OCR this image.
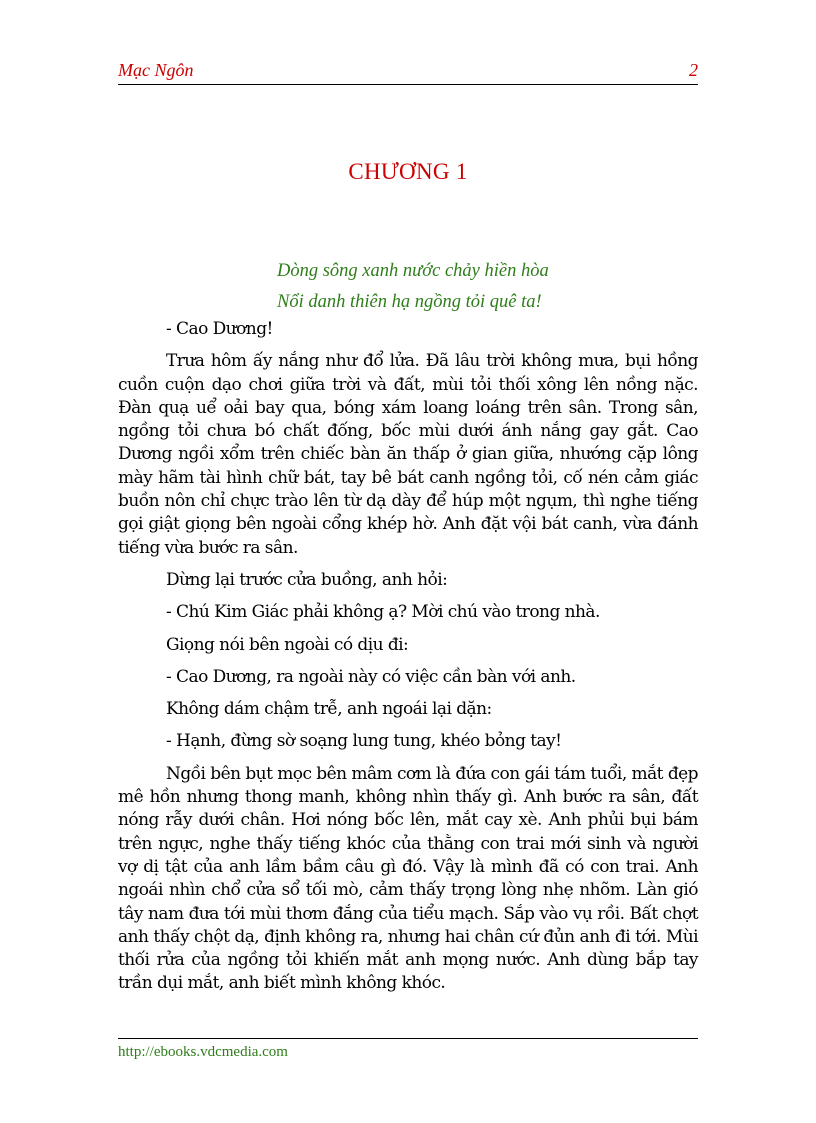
Mạc Ngôn	2
CHƯƠNG 1
Dòng sông xanh nước chảy hiền hòa
Nổi danh thiên hạ ngồng tỏi quê ta!

- Cao Dương!

Trưa hôm ấy nắng như đổ lửa. Đã lâu trời không mưa, bụi hồng cuồn cuộn dạo chơi giữa trời và đất, mùi tỏi thối xông lên nồng nặc. Đàn quạ uể oải bay qua, bóng xám loang loáng trên sân. Trong sân, ngồng tỏi chưa bó chất đống, bốc mùi dưới ánh nắng gay gắt. Cao Dương ngồi xổm trên chiếc bàn ăn thấp ở gian giữa, nhướng cặp lông mày hãm tài hình chữ bát, tay bê bát canh ngồng tỏi, cố nén cảm giác buồn nôn chỉ chực trào lên từ dạ dày để húp một ngụm, thì nghe tiếng gọi giật giọng bên ngoài cổng khép hờ. Anh đặt vội bát canh, vừa đánh tiếng vừa bước ra sân.

Dừng lại trước cửa buồng, anh hỏi:

- Chú Kim Giác phải không ạ? Mời chú vào trong nhà.

Giọng nói bên ngoài có dịu đi:

- Cao Dương, ra ngoài này có việc cần bàn với anh.

Không dám chậm trễ, anh ngoái lại dặn:

- Hạnh, đừng sờ soạng lung tung, khéo bỏng tay!

Ngồi bên bụt mọc bên mâm cơm là đứa con gái tám tuổi, mắt đẹp mê hồn nhưng thong manh, không nhìn thấy gì. Anh bước ra sân, đất nóng rẫy dưới chân. Hơi nóng bốc lên, mắt cay xè. Anh phủi bụi bám trên ngực, nghe thấy tiếng khóc của thằng con trai mới sinh và người vợ dị tật của anh lầm bầm câu gì đó. Vậy là mình đã có con trai. Anh ngoái nhìn chổ cửa sổ tối mò, cảm thấy trọng lòng nhẹ nhõm. Làn gió tây nam đưa tới mùi thơm đắng của tiểu mạch. Sắp vào vụ rồi. Bất chợt anh thấy chột dạ, định không ra, nhưng hai chân cứ đủn anh đi tới. Mùi thối rửa của ngồng tỏi khiến mắt anh mọng nước. Anh dùng bắp tay trần dụi mắt, anh biết mình không khóc.

http://ebooks.vdcmedia.com
